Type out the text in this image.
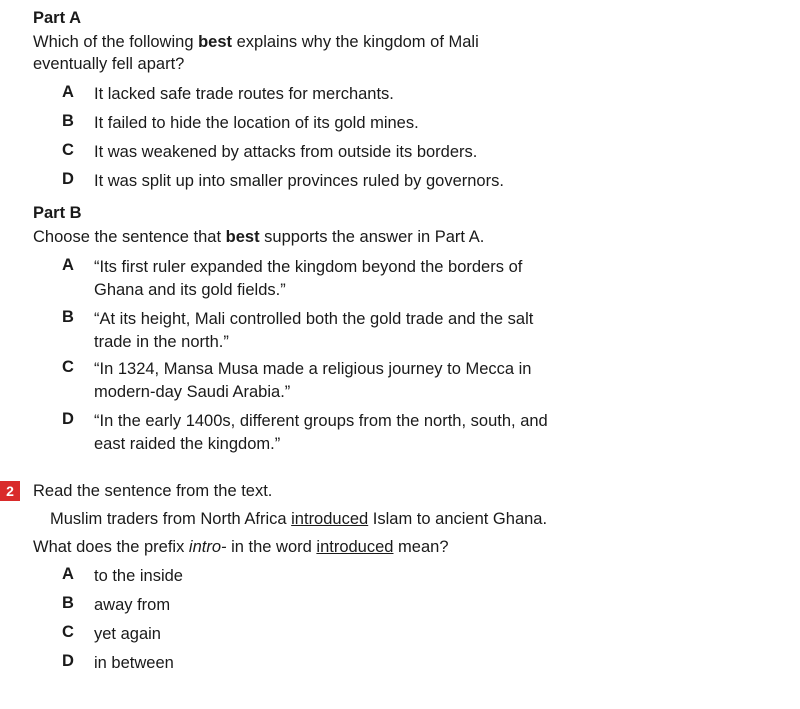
Part A
Which of the following best explains why the kingdom of Mali
eventually fell apart?
A	It lacked safe trade routes for merchants.
B	It failed to hide the location of its gold mines.
C	It was weakened by attacks from outside its borders.
D	It was split up into smaller provinces ruled by governors.
Part B
Choose the sentence that best supports the answer in Part A.
A	“Its first ruler expanded the kingdom beyond the borders of
Ghana and its gold fields.”
B	“At its height, Mali controlled both the gold trade and the salt
trade in the north.”
C	“In 1324, Mansa Musa made a religious journey to Mecca in
modern-day Saudi Arabia.”
D	“In the early 1400s, different groups from the north, south, and
east raided the kingdom.”
2	Read the sentence from the text.
Muslim traders from North Africa introduced Islam to ancient Ghana.
What does the prefix intro- in the word introduced mean?
A	to the inside
B	away from
C	yet again
D	in between
